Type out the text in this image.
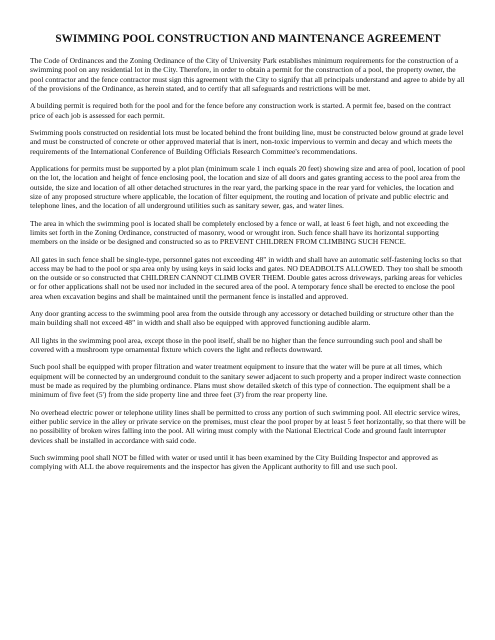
SWIMMING POOL CONSTRUCTION AND MAINTENANCE AGREEMENT

The Code of Ordinances and the Zoning Ordinance of the City of University Park establishes minimum requirements for the construction of a swimming pool on any residential lot in the City. Therefore, in order to obtain a permit for the construction of a pool, the property owner, the pool contractor and the fence contractor must sign this agreement with the City to signify that all principals understand and agree to abide by all of the provisions of the Ordinance, as herein stated, and to certify that all safeguards and restrictions will be met.

A building permit is required both for the pool and for the fence before any construction work is started. A permit fee, based on the contract price of each job is assessed for each permit.

Swimming pools constructed on residential lots must be located behind the front building line, must be constructed below ground at grade level and must be constructed of concrete or other approved material that is inert, non-toxic impervious to vermin and decay and which meets the requirements of the International Conference of Building Officials Research Committee's recommendations.

Applications for permits must be supported by a plot plan (minimum scale 1 inch equals 20 feet) showing size and area of pool, location of pool on the lot, the location and height of fence enclosing pool, the location and size of all doors and gates granting access to the pool area from the outside, the size and location of all other detached structures in the rear yard, the parking space in the rear yard for vehicles, the location and size of any proposed structure where applicable, the location of filter equipment, the routing and location of private and public electric and telephone lines, and the location of all underground utilities such as sanitary sewer, gas, and water lines.

The area in which the swimming pool is located shall be completely enclosed by a fence or wall, at least 6 feet high, and not exceeding the limits set forth in the Zoning Ordinance, constructed of masonry, wood or wrought iron. Such fence shall have its horizontal supporting members on the inside or be designed and constructed so as to PREVENT CHILDREN FROM CLIMBING SUCH FENCE.

All gates in such fence shall be single-type, personnel gates not exceeding 48" in width and shall have an automatic self-fastening locks so that access may be had to the pool or spa area only by using keys in said locks and gates. NO DEADBOLTS ALLOWED. They too shall be smooth on the outside or so constructed that CHILDREN CANNOT CLIMB OVER THEM. Double gates across driveways, parking areas for vehicles or for other applications shall not be used nor included in the secured area of the pool. A temporary fence shall be erected to enclose the pool area when excavation begins and shall be maintained until the permanent fence is installed and approved.

Any door granting access to the swimming pool area from the outside through any accessory or detached building or structure other than the main building shall not exceed 48" in width and shall also be equipped with approved functioning audible alarm.

All lights in the swimming pool area, except those in the pool itself, shall be no higher than the fence surrounding such pool and shall be covered with a mushroom type ornamental fixture which covers the light and reflects downward.

Such pool shall be equipped with proper filtration and water treatment equipment to insure that the water will be pure at all times, which equipment will be connected by an underground conduit to the sanitary sewer adjacent to such property and a proper indirect waste connection must be made as required by the plumbing ordinance. Plans must show detailed sketch of this type of connection. The equipment shall be a minimum of five feet (5') from the side property line and three feet (3') from the rear property line.

No overhead electric power or telephone utility lines shall be permitted to cross any portion of such swimming pool. All electric service wires, either public service in the alley or private service on the premises, must clear the pool proper by at least 5 feet horizontally, so that there will be no possibility of broken wires falling into the pool. All wiring must comply with the National Electrical Code and ground fault interrupter devices shall be installed in accordance with said code.

Such swimming pool shall NOT be filled with water or used until it has been examined by the City Building Inspector and approved as complying with ALL the above requirements and the inspector has given the Applicant authority to fill and use such pool.
